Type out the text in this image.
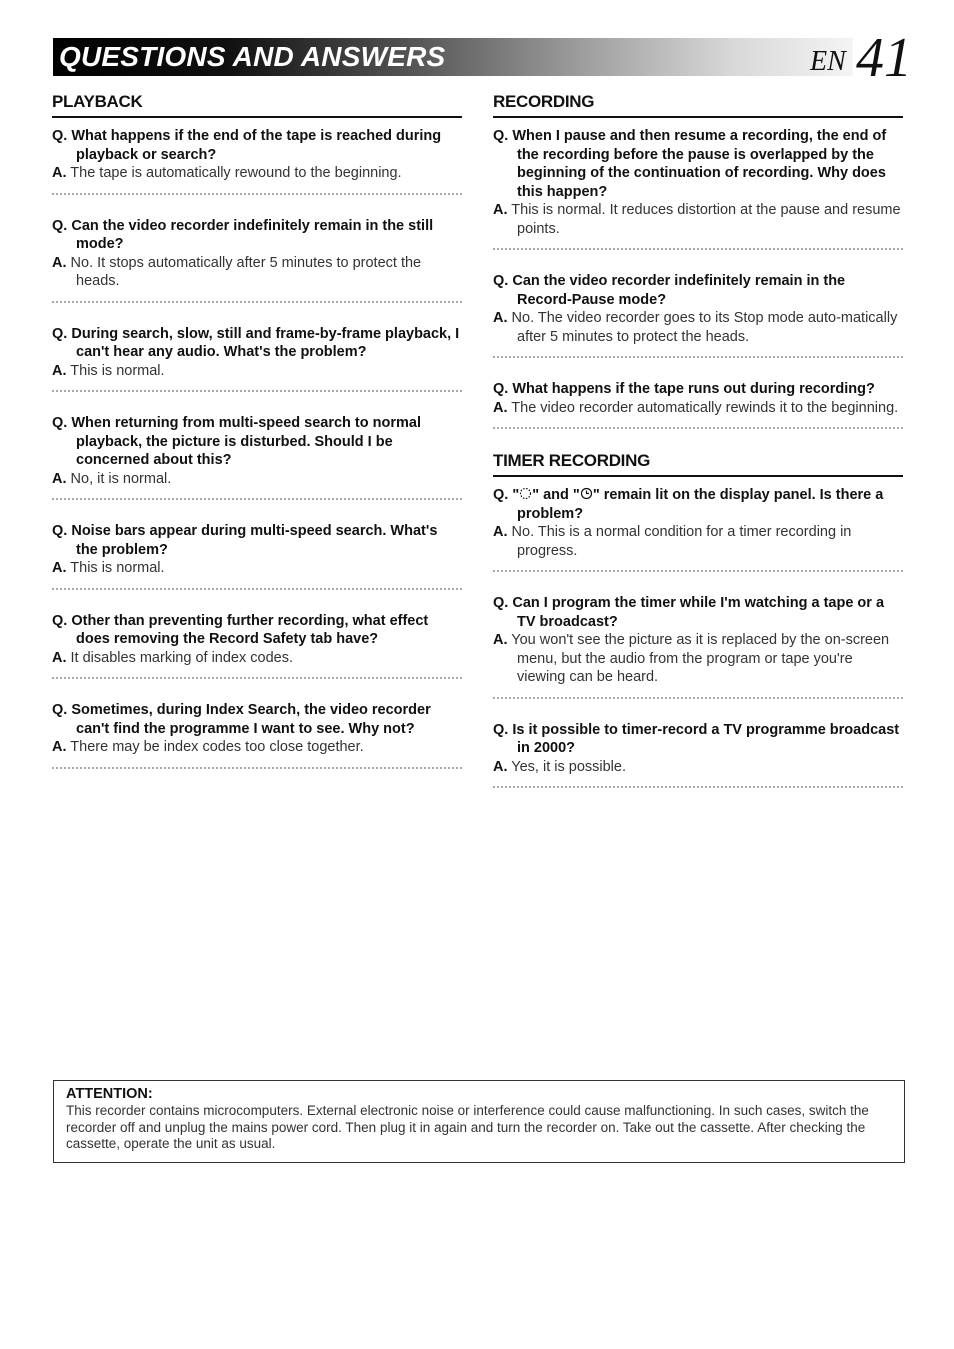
QUESTIONS AND ANSWERS	EN 41
PLAYBACK
Q. What happens if the end of the tape is reached during playback or search?
A. The tape is automatically rewound to the beginning.
Q. Can the video recorder indefinitely remain in the still mode?
A. No. It stops automatically after 5 minutes to protect the heads.
Q. During search, slow, still and frame-by-frame playback, I can't hear any audio. What's the problem?
A. This is normal.
Q. When returning from multi-speed search to normal playback, the picture is disturbed. Should I be concerned about this?
A. No, it is normal.
Q. Noise bars appear during multi-speed search. What's the problem?
A. This is normal.
Q. Other than preventing further recording, what effect does removing the Record Safety tab have?
A. It disables marking of index codes.
Q. Sometimes, during Index Search, the video recorder can't find the programme I want to see. Why not?
A. There may be index codes too close together.
RECORDING
Q. When I pause and then resume a recording, the end of the recording before the pause is overlapped by the beginning of the continuation of recording. Why does this happen?
A. This is normal. It reduces distortion at the pause and resume points.
Q. Can the video recorder indefinitely remain in the Record-Pause mode?
A. No. The video recorder goes to its Stop mode auto-matically after 5 minutes to protect the heads.
Q. What happens if the tape runs out during recording?
A. The video recorder automatically rewinds it to the beginning.
TIMER RECORDING
Q. " " and " " remain lit on the display panel. Is there a problem?
A. No. This is a normal condition for a timer recording in progress.
Q. Can I program the timer while I'm watching a tape or a TV broadcast?
A. You won't see the picture as it is replaced by the on-screen menu, but the audio from the program or tape you're viewing can be heard.
Q. Is it possible to timer-record a TV programme broadcast in 2000?
A. Yes, it is possible.
ATTENTION:
This recorder contains microcomputers. External electronic noise or interference could cause malfunctioning. In such cases, switch the recorder off and unplug the mains power cord. Then plug it in again and turn the recorder on. Take out the cassette. After checking the cassette, operate the unit as usual.
